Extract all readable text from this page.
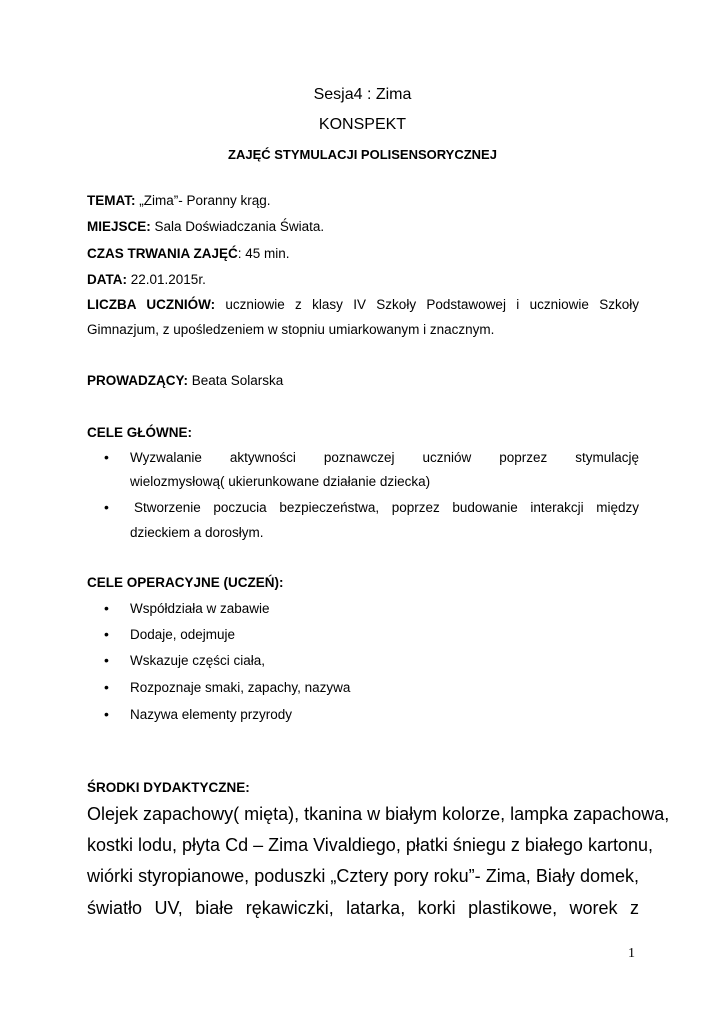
Sesja4 : Zima
KONSPEKT
ZAJĘĆ STYMULACJI POLISENSORYCZNEJ
TEMAT: „Zima”- Poranny krąg.
MIEJSCE: Sala Doświadczania Świata.
CZAS TRWANIA ZAJĘĆ: 45 min.
DATA: 22.01.2015r.
LICZBA UCZNIÓW: uczniowie z klasy IV Szkoły Podstawowej i uczniowie Szkoły
Gimnazjum, z upośledzeniem w stopniu umiarkowanym i znacznym.
PROWADZĄCY: Beata Solarska
CELE GŁÓWNE:
• Wyzwalanie aktywności poznawczej uczniów poprzez stymulację
wielozmysłową( ukierunkowane działanie dziecka)
• Stworzenie poczucia bezpieczeństwa, poprzez budowanie interakcji między
dzieckiem a dorosłym.
CELE OPERACYJNE (UCZEŃ):
• Współdziała w zabawie
• Dodaje, odejmuje
• Wskazuje części ciała,
• Rozpoznaje smaki, zapachy, nazywa
• Nazywa elementy przyrody
ŚRODKI DYDAKTYCZNE:
Olejek zapachowy( mięta), tkanina w białym kolorze, lampka zapachowa,
kostki lodu, płyta Cd – Zima Vivaldiego, płatki śniegu z białego kartonu,
wiórki styropianowe, poduszki „Cztery pory roku”- Zima, Biały domek,
światło UV, białe rękawiczki, latarka, korki plastikowe, worek z
1
